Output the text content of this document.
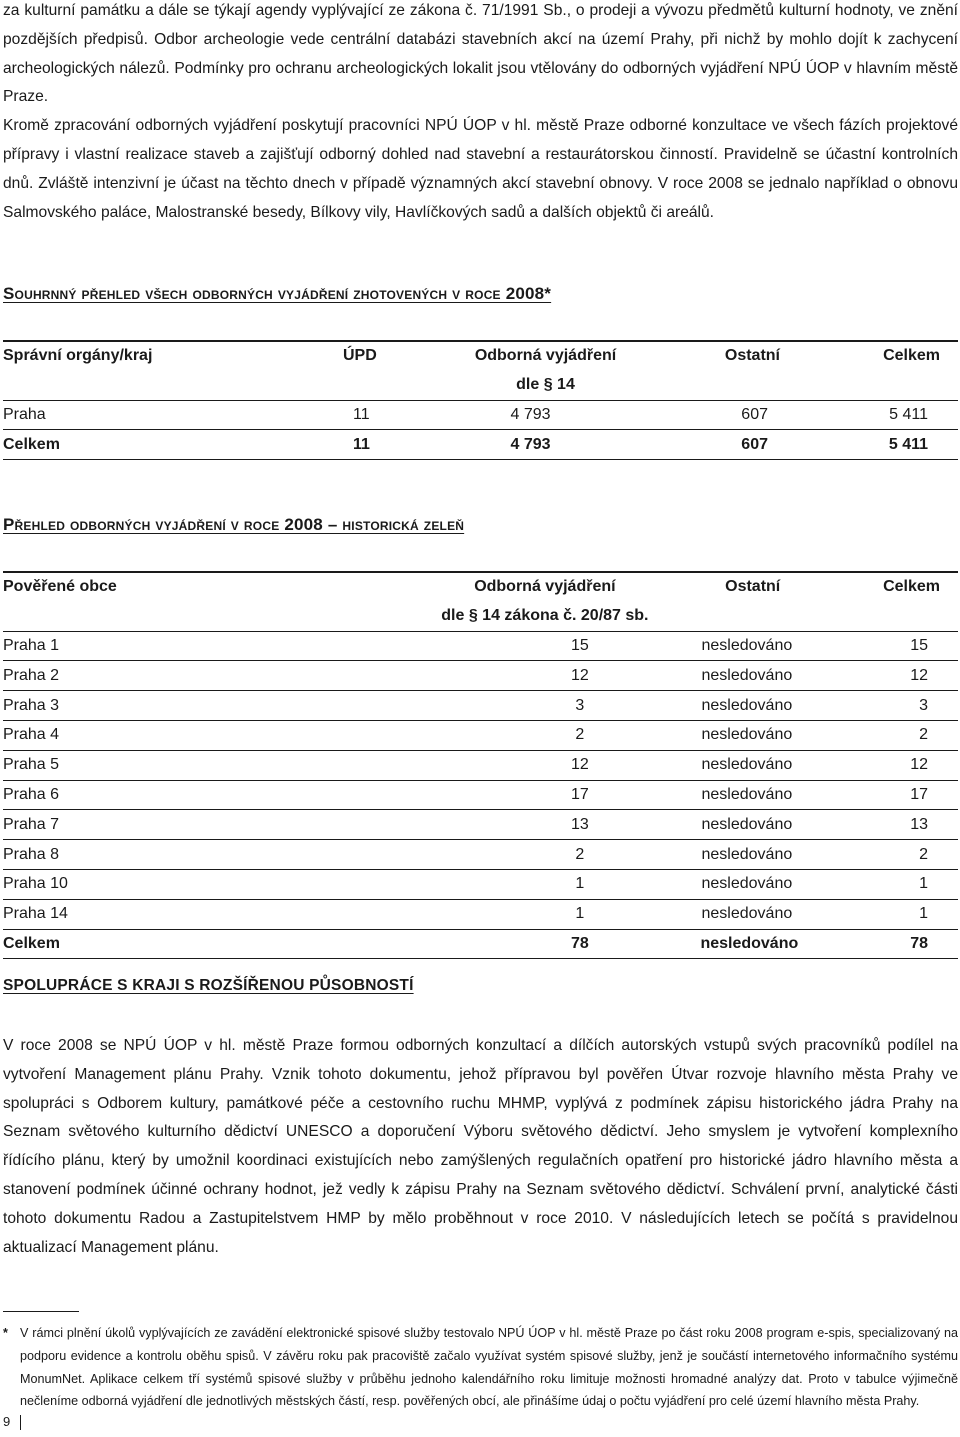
za kulturní památku a dále se týkají agendy vyplývající ze zákona č. 71/1991 Sb., o prodeji a vývozu předmětů kulturní hodnoty, ve znění pozdějších předpisů. Odbor archeologie vede centrální databázi stavebních akcí na území Prahy, při nichž by mohlo dojít k zachycení archeologických nálezů. Podmínky pro ochranu archeologických lokalit jsou vtělovány do odborných vyjádření NPÚ ÚOP v hlavním městě Praze.

Kromě zpracování odborných vyjádření poskytují pracovníci NPÚ ÚOP v hl. městě Praze odborné konzultace ve všech fázích projektové přípravy i vlastní realizace staveb a zajišťují odborný dohled nad stavební a restaurátorskou činností. Pravidelně se účastní kontrolních dnů. Zvláště intenzivní je účast na těchto dnech v případě významných akcí stavební obnovy. V roce 2008 se jednalo například o obnovu Salmovského paláce, Malostranské besedy, Bílkovy vily, Havlíčkových sadů a dalších objektů či areálů.

Souhrnný přehled všech odborných vyjádření zhotovených v roce 2008*

Správní orgány/kraj	ÚPD	Odborná vyjádření	Ostatní	Celkem
		dle § 14		
Praha	11	4 793	607	5 411
Celkem	11	4 793	607	5 411

Přehled odborných vyjádření v roce 2008 – historická zeleň

Pověřené obce	Odborná vyjádření	Ostatní	Celkem
	dle § 14 zákona č. 20/87 sb.		
Praha 1	15	nesledováno	15
Praha 2	12	nesledováno	12
Praha 3	3	nesledováno	3
Praha 4	2	nesledováno	2
Praha 5	12	nesledováno	12
Praha 6	17	nesledováno	17
Praha 7	13	nesledováno	13
Praha 8	2	nesledováno	2
Praha 10	1	nesledováno	1
Praha 14	1	nesledováno	1
Celkem	78	nesledováno	78

SPOLUPRÁCE S KRAJI S ROZŠÍŘENOU PŮSOBNOSTÍ

V roce 2008 se NPÚ ÚOP v hl. městě Praze formou odborných konzultací a dílčích autorských vstupů svých pracovníků podílel na vytvoření Management plánu Prahy. Vznik tohoto dokumentu, jehož přípravou byl pověřen Útvar rozvoje hlavního města Prahy ve spolupráci s Odborem kultury, památkové péče a cestovního ruchu MHMP, vyplývá z podmínek zápisu historického jádra Prahy na Seznam světového kulturního dědictví UNESCO a doporučení Výboru světového dědictví. Jeho smyslem je vytvoření komplexního řídícího plánu, který by umožnil koordinaci existujících nebo zamýšlených regulačních opatření pro historické jádro hlavního města a stanovení podmínek účinné ochrany hodnot, jež vedly k zápisu Prahy na Seznam světového dědictví. Schválení první, analytické části tohoto dokumentu Radou a Zastupitelstvem HMP by mělo proběhnout v roce 2010. V následujících letech se počítá s pravidelnou aktualizací Management plánu.

* V rámci plnění úkolů vyplývajících ze zavádění elektronické spisové služby testovalo NPÚ ÚOP v hl. městě Praze po část roku 2008 program e-spis, specializovaný na podporu evidence a kontrolu oběhu spisů. V závěru roku pak pracoviště začalo využívat systém spisové služby, jenž je součástí internetového informačního systému MonumNet. Aplikace celkem tří systémů spisové služby v průběhu jednoho kalendářního roku limituje možnosti hromadné analýzy dat. Proto v tabulce výjimečně nečleníme odborná vyjádření dle jednotlivých městských částí, resp. pověřených obcí, ale přinášíme údaj o počtu vyjádření pro celé území hlavního města Prahy.
9
